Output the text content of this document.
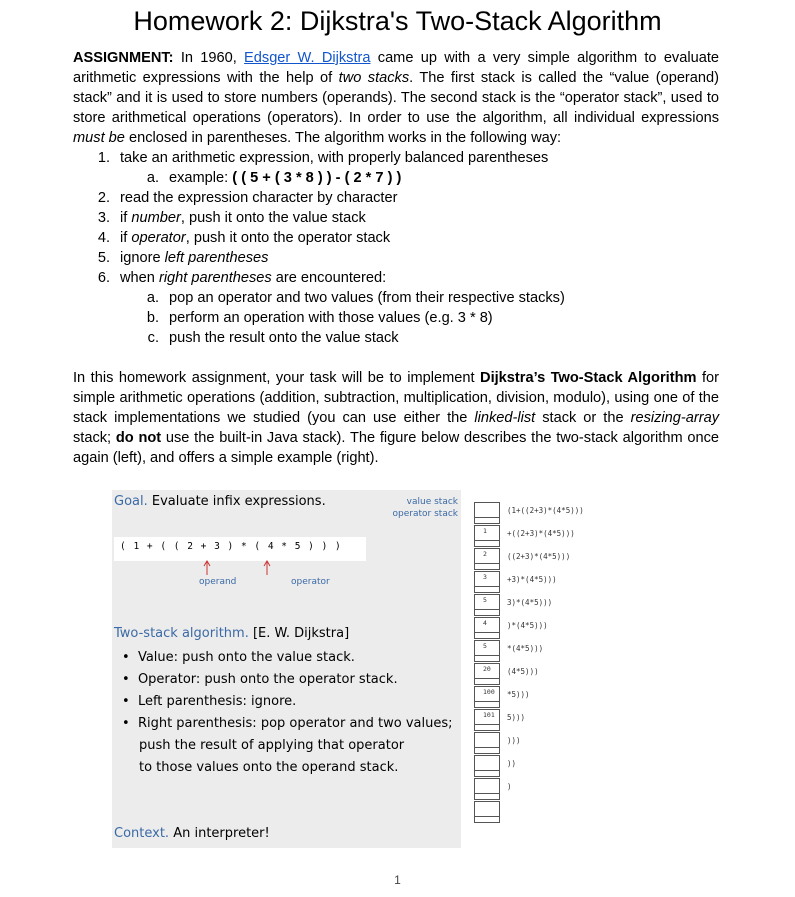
Homework 2: Dijkstra's Two-Stack Algorithm
ASSIGNMENT: In 1960, Edsger W. Dijkstra came up with a very simple algorithm to evaluate arithmetic expressions with the help of two stacks. The first stack is called the “value (operand) stack” and it is used to store numbers (operands). The second stack is the “operator stack”, used to store arithmetical operations (operators). In order to use the algorithm, all individual expressions must be enclosed in parentheses. The algorithm works in the following way:
1. take an arithmetic expression, with properly balanced parentheses
a. example: ( ( 5 + ( 3 * 8 ) ) - ( 2 * 7 ) )
2. read the expression character by character
3. if number, push it onto the value stack
4. if operator, push it onto the operator stack
5. ignore left parentheses
6. when right parentheses are encountered:
a. pop an operator and two values (from their respective stacks)
b. perform an operation with those values (e.g. 3 * 8)
c. push the result onto the value stack
In this homework assignment, your task will be to implement Dijkstra’s Two-Stack Algorithm for simple arithmetic operations (addition, subtraction, multiplication, division, modulo), using one of the stack implementations we studied (you can use either the linked-list stack or the resizing-array stack; do not use the built-in Java stack). The figure below describes the two-stack algorithm once again (left), and offers a simple example (right).
Goal. Evaluate infix expressions.	value stack
operator stack
( 1 + ( ( 2 + 3 ) * ( 4 * 5 ) ) )
operand	operator
Two-stack algorithm. [E. W. Dijkstra]
•  Value: push onto the value stack.
•  Operator: push onto the operator stack.
•  Left parenthesis: ignore.
•  Right parenthesis: pop operator and two values;
push the result of applying that operator
to those values onto the operand stack.
Context. An interpreter!
(1+((2+3)*(4*5)))
+((2+3)*(4*5)))
((2+3)*(4*5)))
+3)*(4*5)))
3)*(4*5)))
)*(4*5)))
*(4*5)))
(4*5)))
*5)))
5)))
)))
))
)
1
2
3
5
4
5
20
100
101
1
